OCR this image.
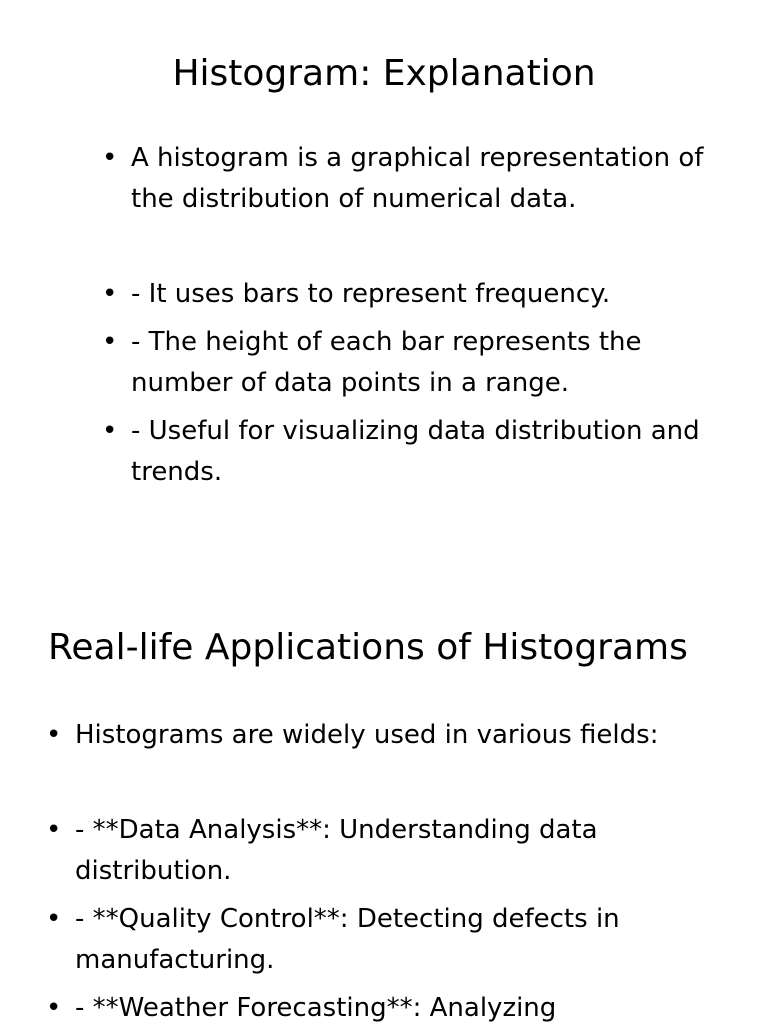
Histogram: Explanation
• A histogram is a graphical representation of the distribution of numerical data.
• - It uses bars to represent frequency.
• - The height of each bar represents the number of data points in a range.
• - Useful for visualizing data distribution and trends.
Real-life Applications of Histograms
• Histograms are widely used in various fields:
• - **Data Analysis**: Understanding data distribution.
• - **Quality Control**: Detecting defects in manufacturing.
• - **Weather Forecasting**: Analyzing
